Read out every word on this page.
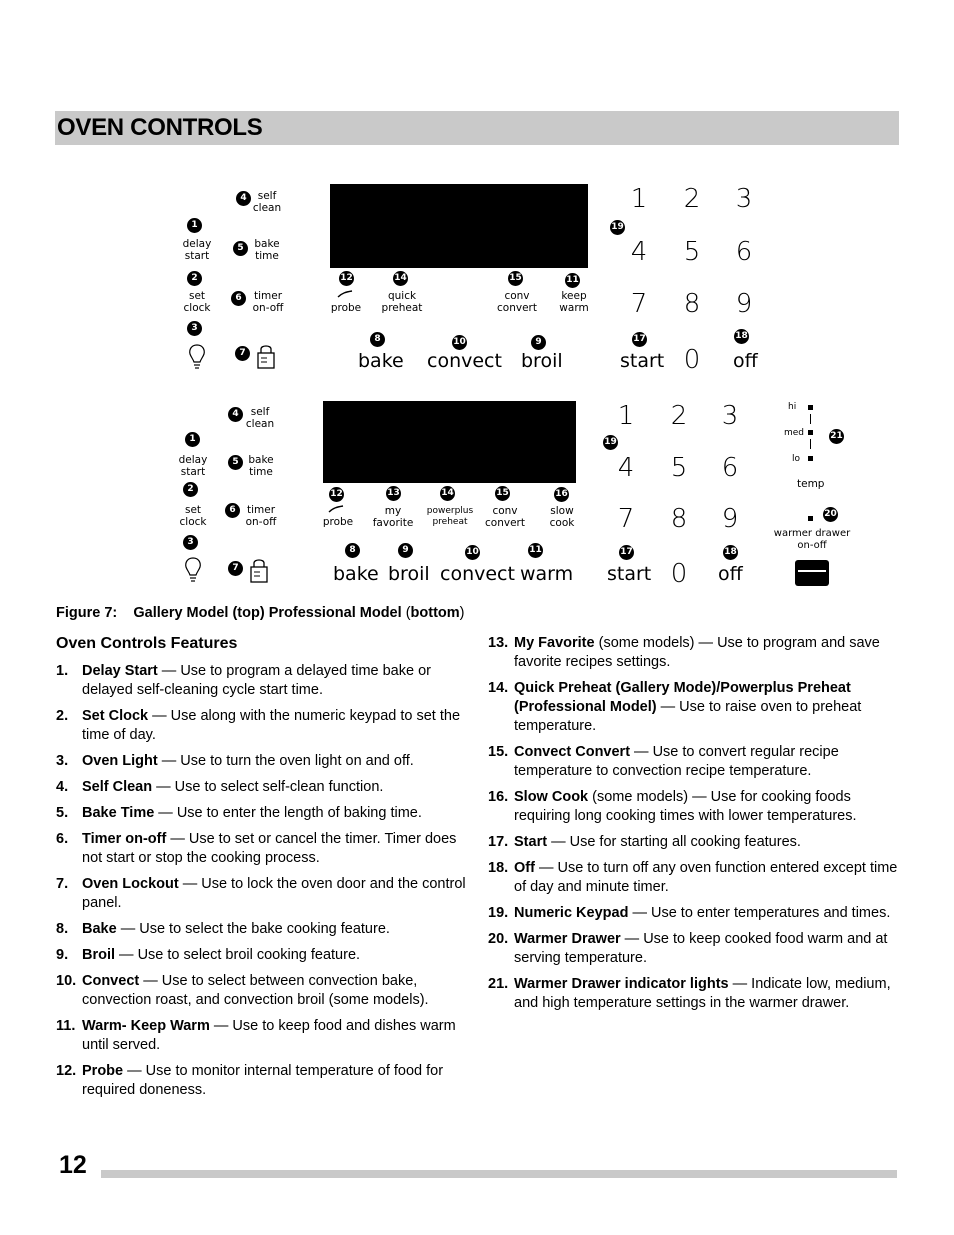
OVEN CONTROLS
4	self
clean
1
delay
start
5	bake
time
2
set
clock
6	timer
on-off
3
7
12
probe
14
quick
preheat
15
conv
convert
11
keep
warm
8
bake
10
convect
9
broil
19
1 2 3
4 5 6
7 8 9
0
17
start
18
off
4	self
clean
1
delay
start
5 bake
time
2
set
clock
6	timer
on-off
3
7
12
probe
13
my
favorite
14
powerplus
preheat
15
conv
convert
16
slow
cook
8
bake
9
broil
10
convect
11
warm
19
1 2 3
4 5 6
7 8 9
0
17
start
18
off
hi
med
lo
21
temp
20
warmer drawer
on-off
Figure 7: Gallery Model (top) Professional Model (bottom)
Oven Controls Features
1. Delay Start — Use to program a delayed time bake or delayed self-cleaning cycle start time.
2. Set Clock — Use along with the numeric keypad to set the time of day.
3. Oven Light — Use to turn the oven light on and off.
4. Self Clean — Use to select self-clean function.
5. Bake Time — Use to enter the length of baking time.
6. Timer on-off — Use to set or cancel the timer. Timer does not start or stop the cooking process.
7. Oven Lockout — Use to lock the oven door and the control panel.
8. Bake — Use to select the bake cooking feature.
9. Broil — Use to select broil cooking feature.
10. Convect — Use to select between convection bake, convection roast, and convection broil (some models).
11. Warm- Keep Warm — Use to keep food and dishes warm until served.
12. Probe — Use to monitor internal temperature of food for required doneness.
13. My Favorite (some models) — Use to program and save favorite recipes settings.
14. Quick Preheat (Gallery Mode)/Powerplus Preheat (Professional Model) — Use to raise oven to preheat temperature.
15. Convect Convert — Use to convert regular recipe temperature to convection recipe temperature.
16. Slow Cook (some models) — Use for cooking foods requiring long cooking times with lower temperatures.
17. Start — Use for starting all cooking features.
18. Off — Use to turn off any oven function entered except time of day and minute timer.
19. Numeric Keypad — Use to enter temperatures and times.
20. Warmer Drawer — Use to keep cooked food warm and at serving temperature.
21. Warmer Drawer indicator lights — Indicate low, medium, and high temperature settings in the warmer drawer.
12
